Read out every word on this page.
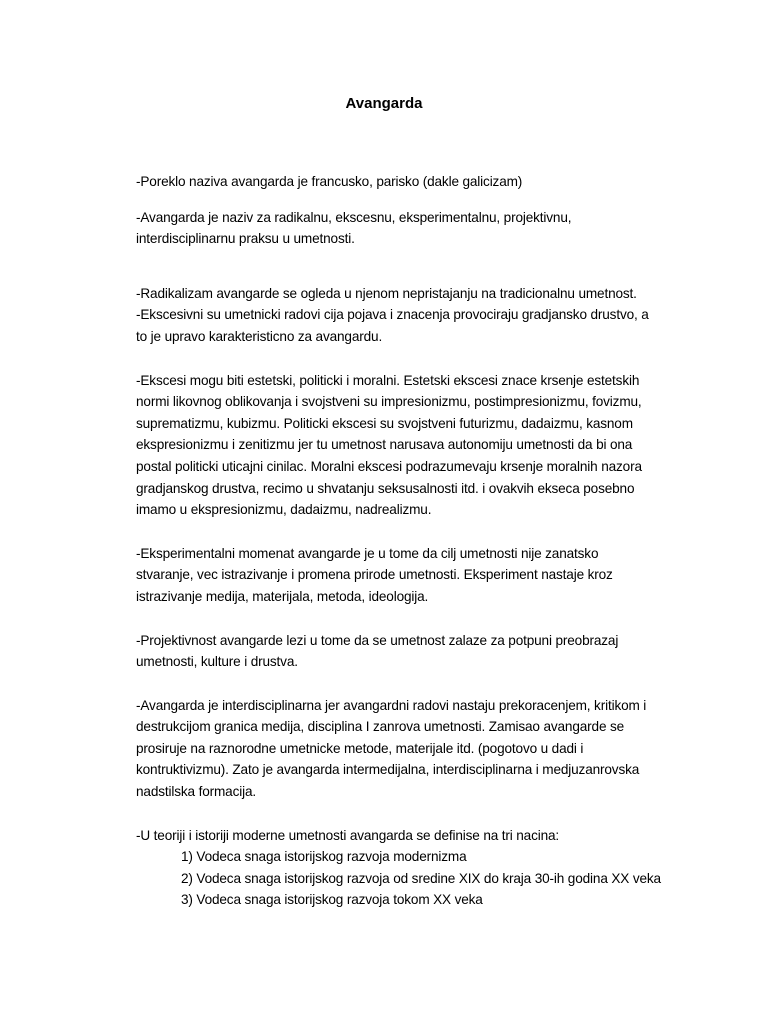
Avangarda

-Poreklo naziva avangarda je francusko, parisko (dakle galicizam)

-Avangarda je naziv za radikalnu, ekscesnu, eksperimentalnu, projektivnu,
interdisciplinarnu praksu u umetnosti.

-Radikalizam avangarde se ogleda u njenom nepristajanju na tradicionalnu umetnost.
-Ekscesivni su umetnicki radovi cija pojava i znacenja provociraju gradjansko drustvo, a
to je upravo karakteristicno za avangardu.

-Ekscesi mogu biti estetski, politicki i moralni. Estetski ekscesi znace krsenje estetskih
normi likovnog oblikovanja i svojstveni su impresionizmu, postimpresionizmu, fovizmu,
suprematizmu, kubizmu. Politicki ekscesi su svojstveni futurizmu, dadaizmu, kasnom
ekspresionizmu i zenitizmu jer tu umetnost narusava autonomiju umetnosti da bi ona
postal politicki uticajni cinilac. Moralni ekscesi podrazumevaju krsenje moralnih nazora
gradjanskog drustva, recimo u shvatanju seksusalnosti itd. i ovakvih ekseca posebno
imamo u ekspresionizmu, dadaizmu, nadrealizmu.

-Eksperimentalni momenat avangarde je u tome da cilj umetnosti nije zanatsko
stvaranje, vec istrazivanje i promena prirode umetnosti. Eksperiment nastaje kroz
istrazivanje medija, materijala, metoda, ideologija.

-Projektivnost avangarde lezi u tome da se umetnost zalaze za potpuni preobrazaj
umetnosti, kulture i drustva.

-Avangarda je interdisciplinarna jer avangardni radovi nastaju prekoracenjem, kritikom i
destrukcijom granica medija, disciplina I zanrova umetnosti. Zamisao avangarde se
prosiruje na raznorodne umetnicke metode, materijale itd. (pogotovo u dadi i
kontruktivizmu). Zato je avangarda intermedijalna, interdisciplinarna i medjuzanrovska
nadstilska formacija.

-U teoriji i istoriji moderne umetnosti avangarda se definise na tri nacina:

1) Vodeca snaga istorijskog razvoja modernizma
2) Vodeca snaga istorijskog razvoja od sredine XIX do kraja 30-ih godina XX veka
3) Vodeca snaga istorijskog razvoja tokom XX veka
